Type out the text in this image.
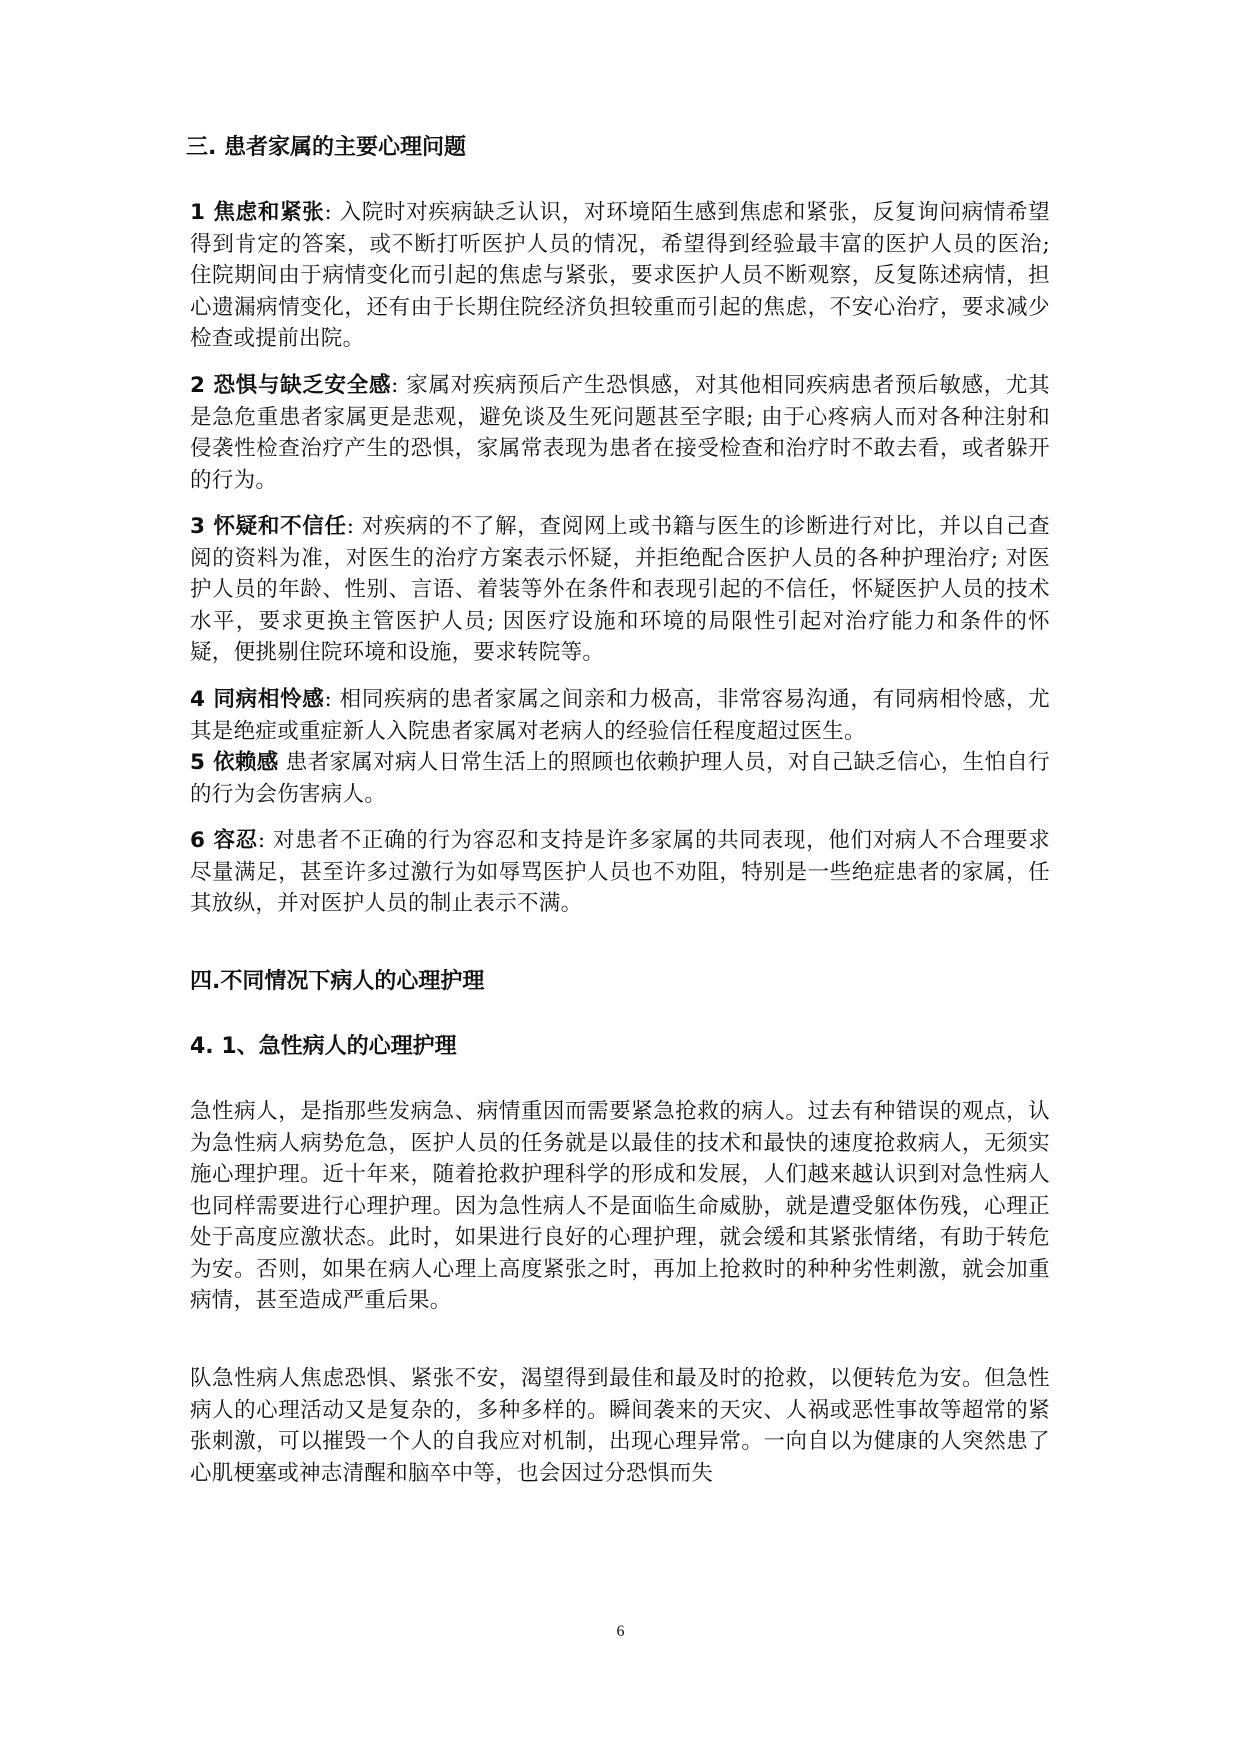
三. 患者家属的主要心理问题

1 焦虑和紧张: 入院时对疾病缺乏认识，对环境陌生感到焦虑和紧张，反复询问病情希望得到肯定的答案，或不断打听医护人员的情况，希望得到经验最丰富的医护人员的医治; 住院期间由于病情变化而引起的焦虑与紧张，要求医护人员不断观察，反复陈述病情，担心遗漏病情变化，还有由于长期住院经济负担较重而引起的焦虑，不安心治疗，要求减少检查或提前出院。

2 恐惧与缺乏安全感: 家属对疾病预后产生恐惧感，对其他相同疾病患者预后敏感，尤其是急危重患者家属更是悲观，避免谈及生死问题甚至字眼; 由于心疼病人而对各种注射和侵袭性检查治疗产生的恐惧，家属常表现为患者在接受检查和治疗时不敢去看，或者躲开的行为。

3 怀疑和不信任: 对疾病的不了解，查阅网上或书籍与医生的诊断进行对比，并以自己查阅的资料为准，对医生的治疗方案表示怀疑，并拒绝配合医护人员的各种护理治疗; 对医护人员的年龄、性别、言语、着装等外在条件和表现引起的不信任，怀疑医护人员的技术水平，要求更换主管医护人员; 因医疗设施和环境的局限性引起对治疗能力和条件的怀疑，便挑剔住院环境和设施，要求转院等。

4 同病相怜感: 相同疾病的患者家属之间亲和力极高，非常容易沟通，有同病相怜感，尤其是绝症或重症新人入院患者家属对老病人的经验信任程度超过医生。

5 依赖感 患者家属对病人日常生活上的照顾也依赖护理人员，对自己缺乏信心，生怕自行的行为会伤害病人。

6 容忍: 对患者不正确的行为容忍和支持是许多家属的共同表现，他们对病人不合理要求尽量满足，甚至许多过激行为如辱骂医护人员也不劝阻，特别是一些绝症患者的家属，任其放纵，并对医护人员的制止表示不满。

四.不同情况下病人的心理护理
4. 1、急性病人的心理护理

急性病人，是指那些发病急、病情重因而需要紧急抢救的病人。过去有种错误的观点，认为急性病人病势危急，医护人员的任务就是以最佳的技术和最快的速度抢救病人，无须实施心理护理。近十年来，随着抢救护理科学的形成和发展，人们越来越认识到对急性病人也同样需要进行心理护理。因为急性病人不是面临生命威胁，就是遭受躯体伤残，心理正处于高度应激状态。此时，如果进行良好的心理护理，就会缓和其紧张情绪，有助于转危为安。否则，如果在病人心理上高度紧张之时，再加上抢救时的种种劣性刺激，就会加重病情，甚至造成严重后果。

队急性病人焦虑恐惧、紧张不安，渴望得到最佳和最及时的抢救，以便转危为安。但急性病人的心理活动又是复杂的，多种多样的。瞬间袭来的天灾、人祸或恶性事故等超常的紧张刺激，可以摧毁一个人的自我应对机制，出现心理异常。一向自以为健康的人突然患了心肌梗塞或神志清醒和脑卒中等，也会因过分恐惧而失

6
